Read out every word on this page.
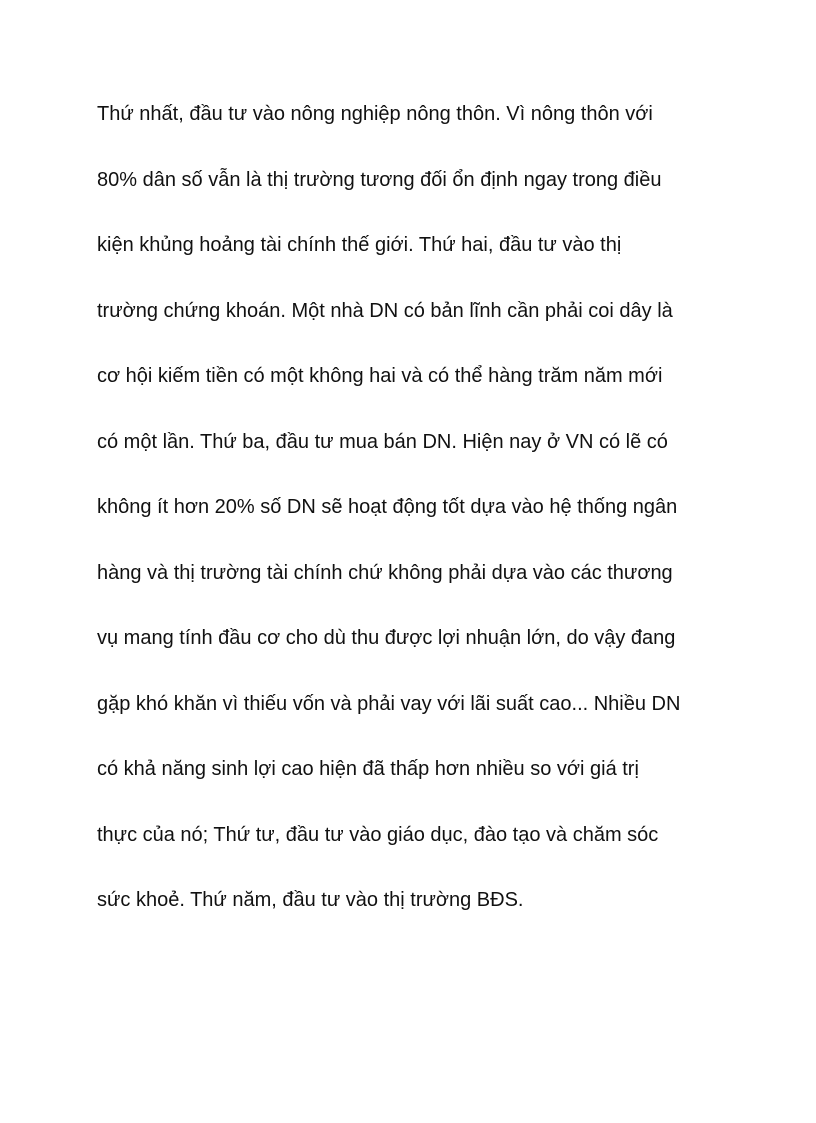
Thứ nhất, đầu tư vào nông nghiệp nông thôn. Vì nông thôn với
80% dân số vẫn là thị trường tương đối ổn định ngay trong điều
kiện khủng hoảng tài chính thế giới. Thứ hai, đầu tư vào thị
trường chứng khoán. Một nhà DN có bản lĩnh cần phải coi dây là
cơ hội kiếm tiền có một không hai và có thể hàng trăm năm mới
có một lần. Thứ ba, đầu tư mua bán DN. Hiện nay ở VN có lẽ có
không ít hơn 20% số DN sẽ hoạt động tốt dựa vào hệ thống ngân
hàng và thị trường tài chính chứ không phải dựa vào các thương
vụ mang tính đầu cơ cho dù thu được lợi nhuận lớn, do vậy đang
gặp khó khăn vì thiếu vốn và phải vay với lãi suất cao... Nhiều DN
có khả năng sinh lợi cao hiện đã thấp hơn nhiều so với giá trị
thực của nó; Thứ tư, đầu tư vào giáo dục, đào tạo và chăm sóc
sức khoẻ. Thứ năm, đầu tư vào thị trường BĐS.
